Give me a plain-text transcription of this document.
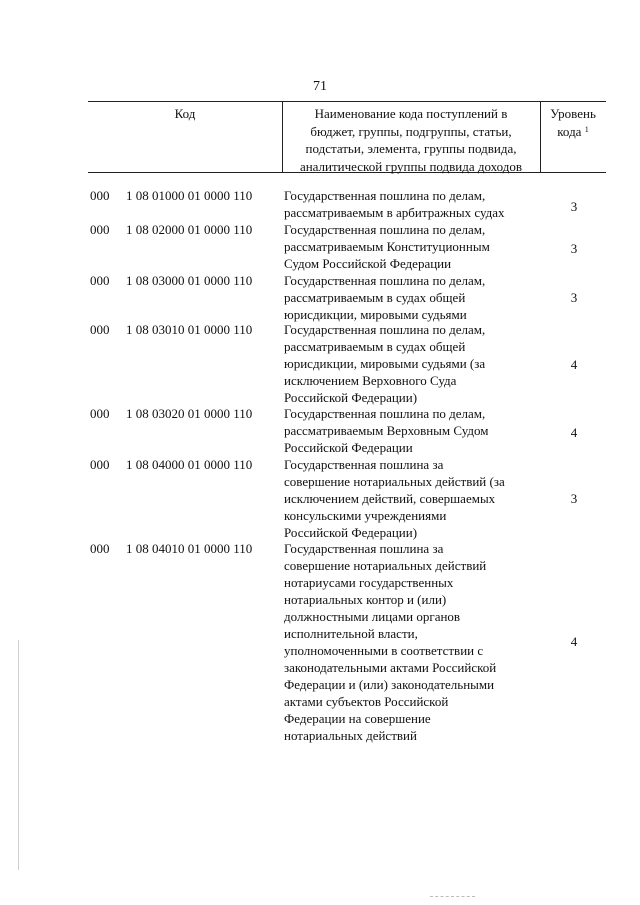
71
Код	Наименование кода поступлений в
бюджет, группы, подгруппы, статьи,
подстатьи, элемента, группы подвида,
аналитической группы подвида доходов
Уровень
кода $^1$
000	1 08 01000 01 0000 110	Государственная пошлина по делам,
рассматриваемым в арбитражных судах	3
000	1 08 02000 01 0000 110	Государственная пошлина по делам,
рассматриваемым Конституционным
Судом Российской Федерации
3
000	1 08 03000 01 0000 110	Государственная пошлина по делам,
рассматриваемым в судах общей
юрисдикции, мировыми судьями
3
000	1 08 03010 01 0000 110	Государственная пошлина по делам,
рассматриваемым в судах общей
юрисдикции, мировыми судьями (за
исключением Верховного Суда
Российской Федерации)
4
000	1 08 03020 01 0000 110	Государственная пошлина по делам,
рассматриваемым Верховным Судом
Российской Федерации
4
000	1 08 04000 01 0000 110	Государственная пошлина за
совершение нотариальных действий (за
исключением действий, совершаемых
консульскими учреждениями
Российской Федерации)
3
000	1 08 04010 01 0000 110	Государственная пошлина за
совершение нотариальных действий
нотариусами государственных
нотариальных контор и (или)
должностными лицами органов
исполнительной власти,
уполномоченными в соответствии с
законодательными актами Российской
Федерации и (или) законодательными
актами субъектов Российской
Федерации на совершение
нотариальных действий
4
